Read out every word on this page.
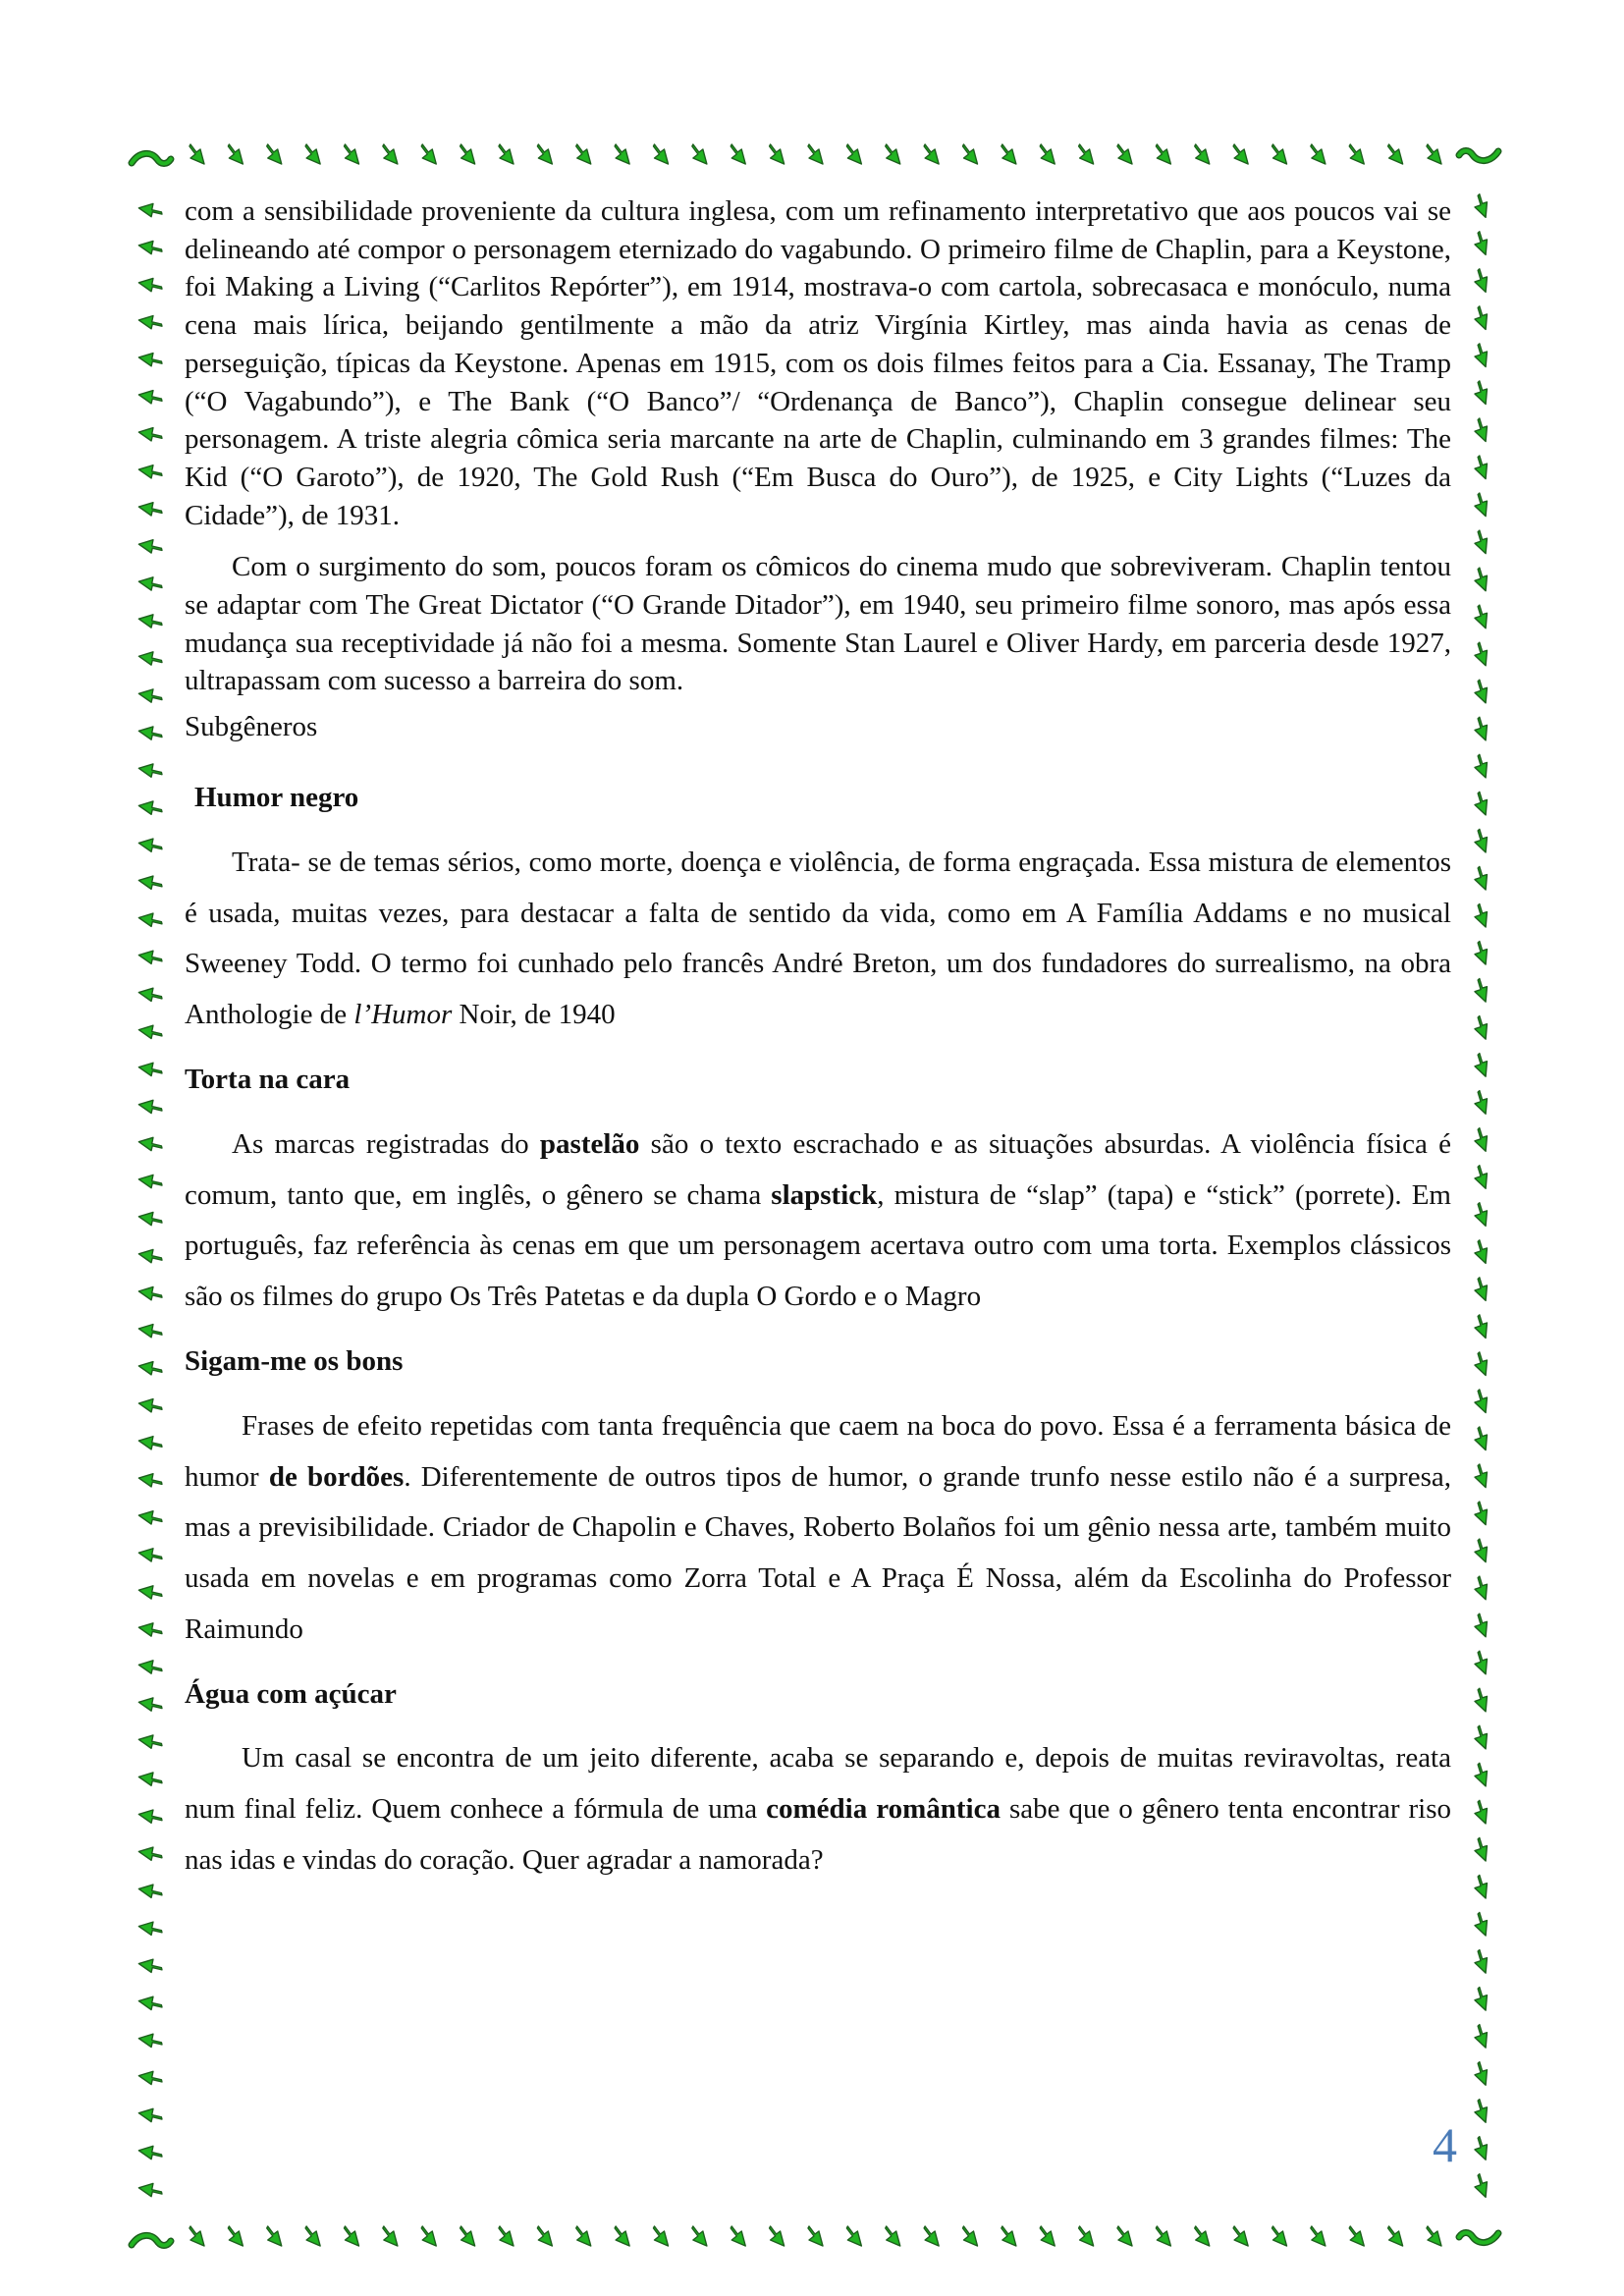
com a sensibilidade proveniente da cultura inglesa, com um refinamento interpretativo que aos poucos vai se delineando até compor o personagem eternizado do vagabundo. O primeiro filme de Chaplin, para a Keystone, foi Making a Living (“Carlitos Repórter”), em 1914, mostrava-o com cartola, sobrecasaca e monóculo, numa cena mais lírica, beijando gentilmente a mão da atriz Virgínia Kirtley, mas ainda havia as cenas de perseguição, típicas da Keystone. Apenas em 1915, com os dois filmes feitos para a Cia. Essanay, The Tramp (“O Vagabundo”), e The Bank (“O Banco”/ “Ordenança de Banco”), Chaplin consegue delinear seu personagem. A triste alegria cômica seria marcante na arte de Chaplin, culminando em 3 grandes filmes: The Kid (“O Garoto”), de 1920, The Gold Rush (“Em Busca do Ouro”), de 1925, e City Lights (“Luzes da Cidade”), de 1931.

Com o surgimento do som, poucos foram os cômicos do cinema mudo que sobreviveram. Chaplin tentou se adaptar com The Great Dictator (“O Grande Ditador”), em 1940, seu primeiro filme sonoro, mas após essa mudança sua receptividade já não foi a mesma. Somente Stan Laurel e Oliver Hardy, em parceria desde 1927, ultrapassam com sucesso a barreira do som.

Subgêneros

Humor negro

Trata- se de temas sérios, como morte, doença e violência, de forma engraçada. Essa mistura de elementos é usada, muitas vezes, para destacar a falta de sentido da vida, como em A Família Addams e no musical Sweeney Todd. O termo foi cunhado pelo francês André Breton, um dos fundadores do surrealismo, na obra Anthologie de l’Humor Noir, de 1940

Torta na cara

As marcas registradas do pastelão são o texto escrachado e as situações absurdas. A violência física é comum, tanto que, em inglês, o gênero se chama slapstick, mistura de “slap” (tapa) e “stick” (porrete). Em português, faz referência às cenas em que um personagem acertava outro com uma torta. Exemplos clássicos são os filmes do grupo Os Três Patetas e da dupla O Gordo e o Magro

Sigam-me os bons

Frases de efeito repetidas com tanta frequência que caem na boca do povo. Essa é a ferramenta básica de humor de bordões. Diferentemente de outros tipos de humor, o grande trunfo nesse estilo não é a surpresa, mas a previsibilidade. Criador de Chapolin e Chaves, Roberto Bolaños foi um gênio nessa arte, também muito usada em novelas e em programas como Zorra Total e A Praça É Nossa, além da Escolinha do Professor Raimundo

Água com açúcar

Um casal se encontra de um jeito diferente, acaba se separando e, depois de muitas reviravoltas, reata num final feliz. Quem conhece a fórmula de uma comédia romântica sabe que o gênero tenta encontrar riso nas idas e vindas do coração. Quer agradar a namorada?

4
